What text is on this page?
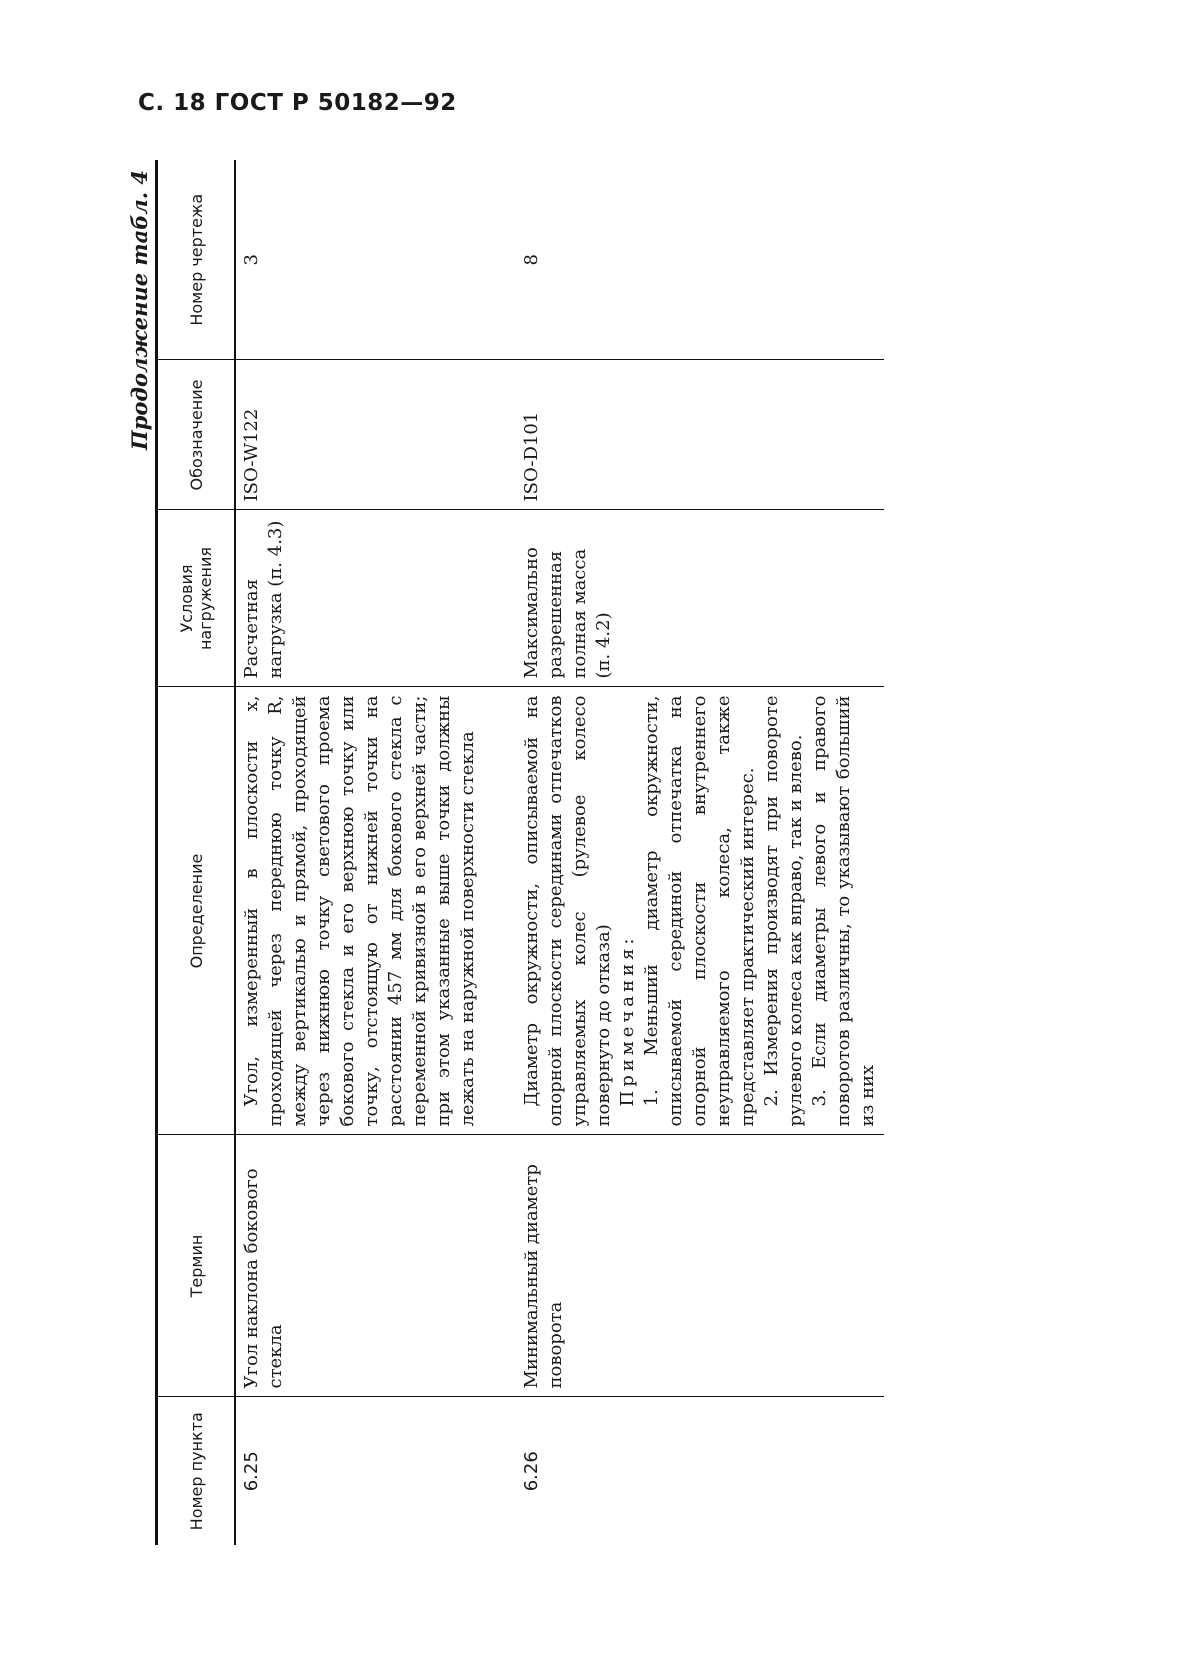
С. 18 ГОСТ Р 50182—92
Продолжение табл. 4
Номер пункта	Термин	Определение	Условия нагружения	Обозначение	Номер чертежа
6.25	Угол наклона бокового стекла	Угол, измеренный в плоскости x, проходящей через переднюю точку R, между вертикалью и прямой, проходящей через нижнюю точку светового проема бокового стекла и его верхнюю точку или точку, отстоящую от нижней точки на расстоянии 457 мм для бокового стекла с переменной кривизной в его верхней части; при этом указанные выше точки должны лежать на наружной поверхности стекла	Расчетная нагрузка (п. 4.3)	ISO-W122	3
6.26	Минимальный диаметр поворота	Диаметр окружности, описываемой на опорной плоскости серединами отпечатков управляемых колес (рулевое колесо повернуто до отказа) Примечания: 1. Меньший диаметр окружности, описываемой серединой отпечатка на опорной плоскости внутреннего неуправляемого колеса, также представляет практический интерес. 2. Измерения производят при повороте рулевого колеса как вправо, так и влево. 3. Если диаметры левого и правого поворотов различны, то указывают больший из них	Максимально разрешенная полная масса (п. 4.2)	ISO-D101	8
